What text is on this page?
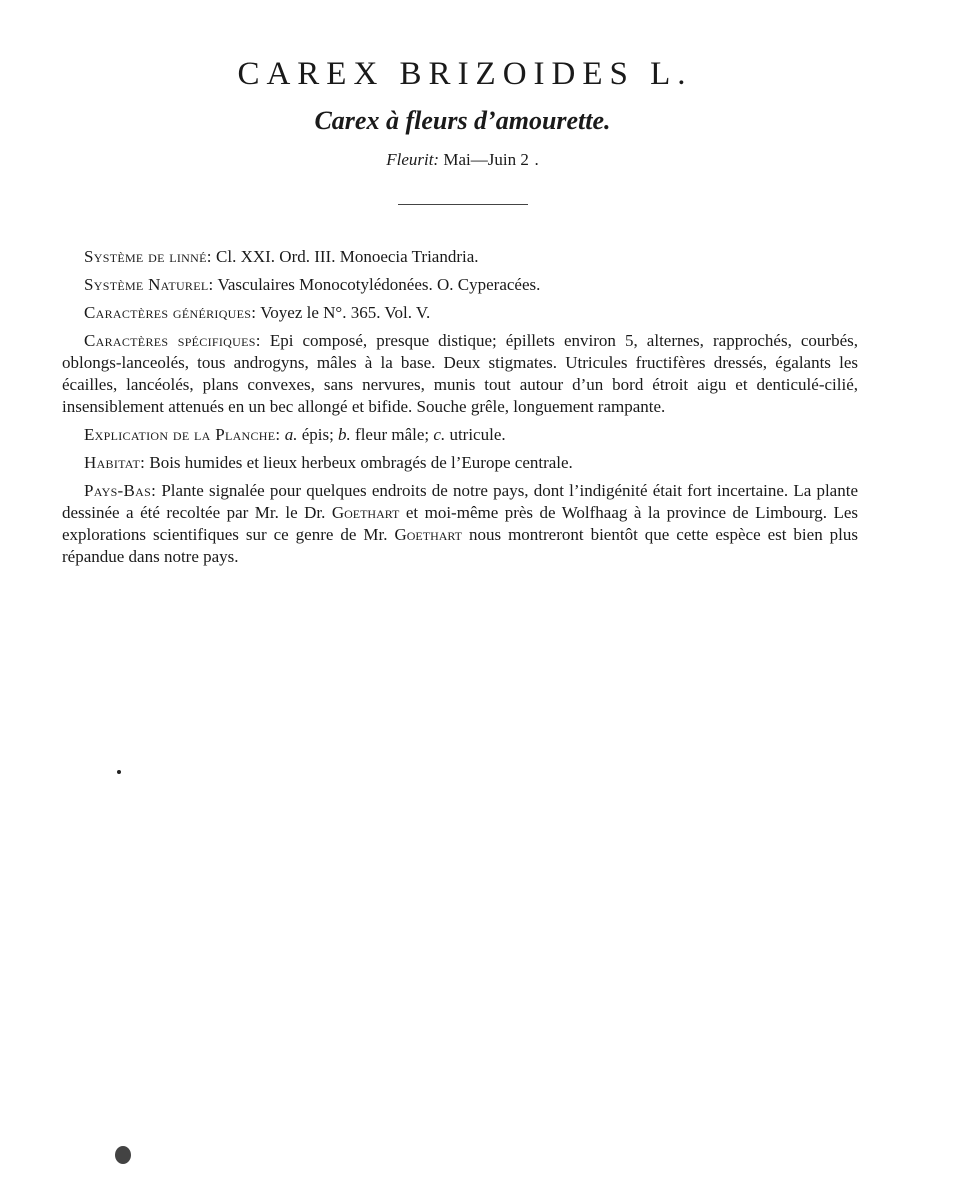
CAREX BRIZOIDES L.
Carex à fleurs d’amourette.
Fleurit: Mai—Juin 2 .

Système de linné: Cl. XXI. Ord. III. Monoecia Triandria.

Système Naturel: Vasculaires Monocotylédonées. O. Cyperacées.

Caractères génériques: Voyez le N°. 365. Vol. V.

Caractères spécifiques: Epi composé, presque distique; épillets environ 5, alternes, rapprochés, courbés, oblongs-lanceolés, tous androgyns, mâles à la base. Deux stigmates. Utricules fructifères dressés, égalants les écailles, lancéolés, plans convexes, sans nervures, munis tout autour d’un bord étroit aigu et denticulé-cilié, insensiblement attenués en un bec allongé et bifide. Souche grêle, longuement rampante.

Explication de la Planche: a. épis; b. fleur mâle; c. utricule.

Habitat: Bois humides et lieux herbeux ombragés de l’Europe centrale.

Pays-Bas: Plante signalée pour quelques endroits de notre pays, dont l’indigénité était fort incertaine. La plante dessinée a été recoltée par Mr. le Dr. Goethart et moi-même près de Wolfhaag à la province de Limbourg. Les explorations scientifiques sur ce genre de Mr. Goethart nous montreront bientôt que cette espèce est bien plus répandue dans notre pays.
